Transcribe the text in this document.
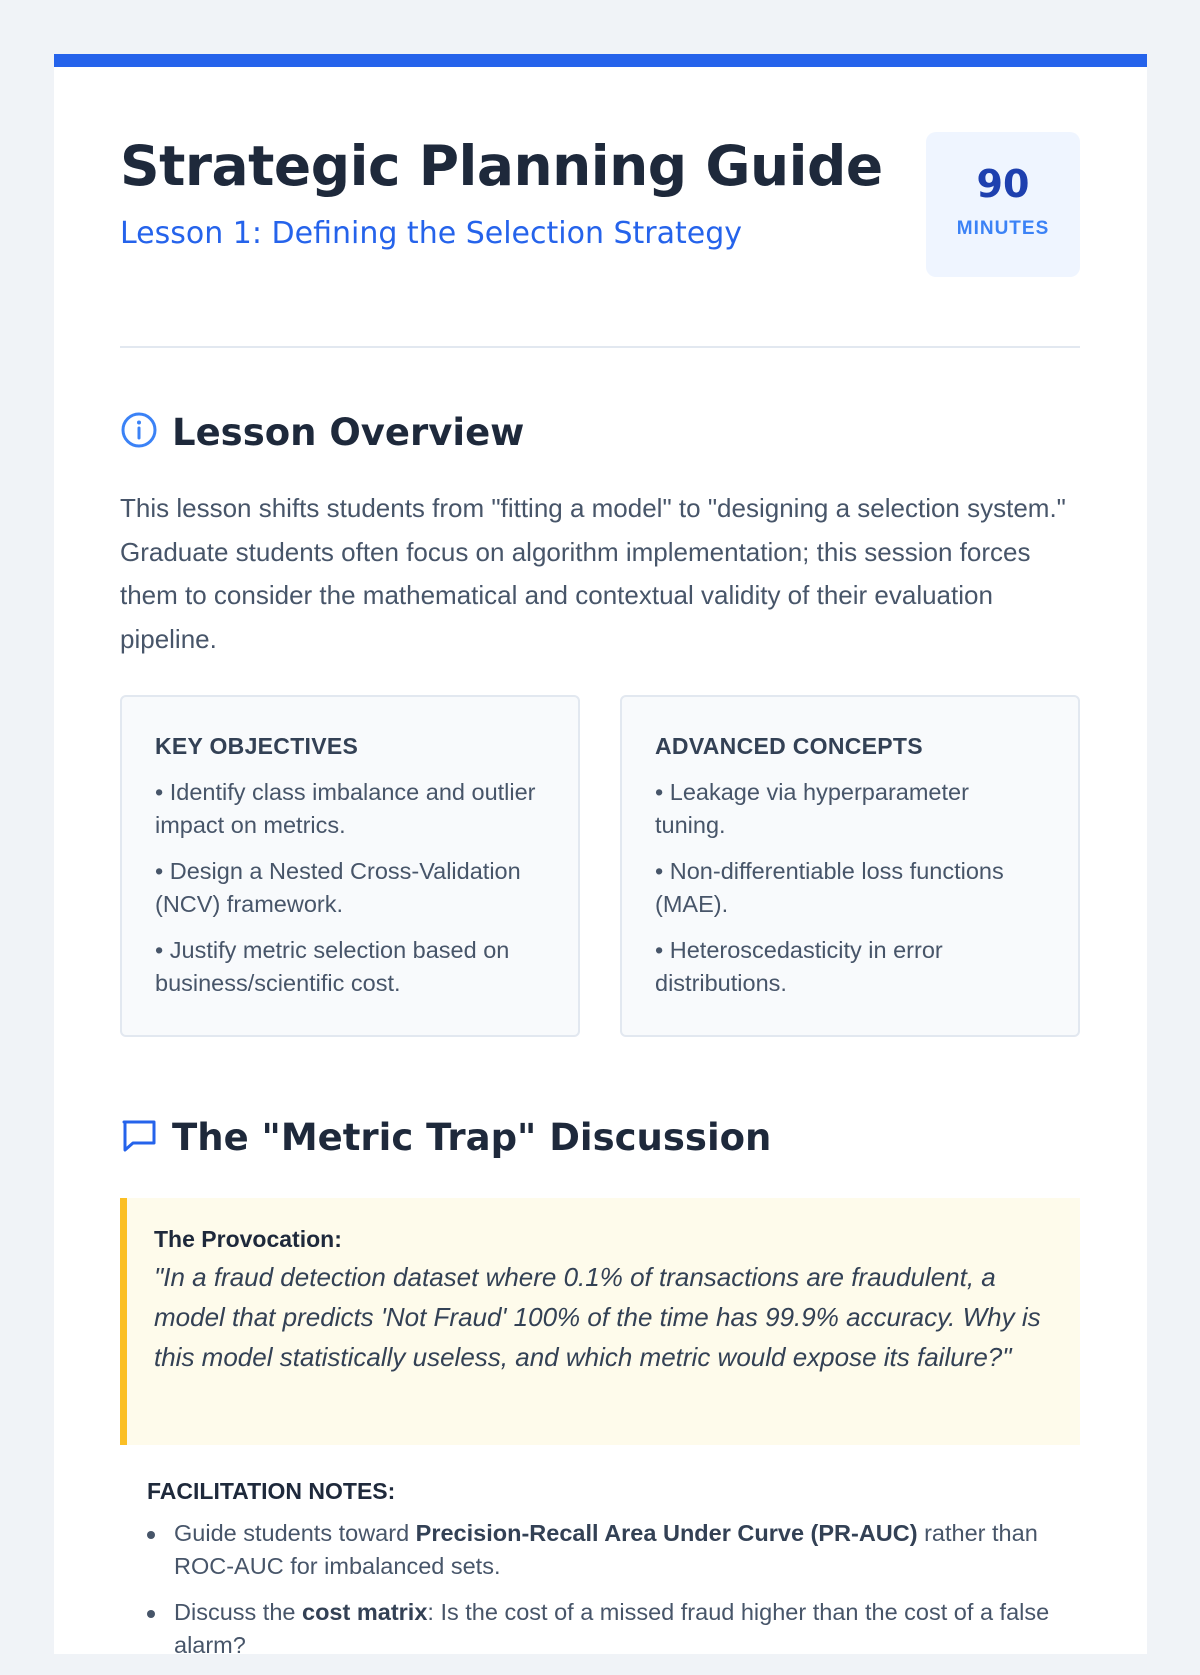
Strategic Planning Guide
Lesson 1: Defining the Selection Strategy
90
MINUTES
Lesson Overview

This lesson shifts students from "fitting a model" to "designing a selection system." Graduate students often focus on algorithm implementation; this session forces them to consider the mathematical and contextual validity of their evaluation pipeline.

KEY OBJECTIVES
• Identify class imbalance and outlier impact on metrics.
• Design a Nested Cross-Validation (NCV) framework.
• Justify metric selection based on business/scientific cost.
ADVANCED CONCEPTS
• Leakage via hyperparameter tuning.
• Non-differentiable loss functions (MAE).
• Heteroscedasticity in error distributions.
The "Metric Trap" Discussion
The Provocation:
"In a fraud detection dataset where 0.1% of transactions are fraudulent, a model that predicts 'Not Fraud' 100% of the time has 99.9% accuracy. Why is this model statistically useless, and which metric would expose its failure?"
FACILITATION NOTES:
Guide students toward Precision-Recall Area Under Curve (PR-AUC) rather than ROC-AUC for imbalanced sets.
Discuss the cost matrix: Is the cost of a missed fraud higher than the cost of a false alarm?
